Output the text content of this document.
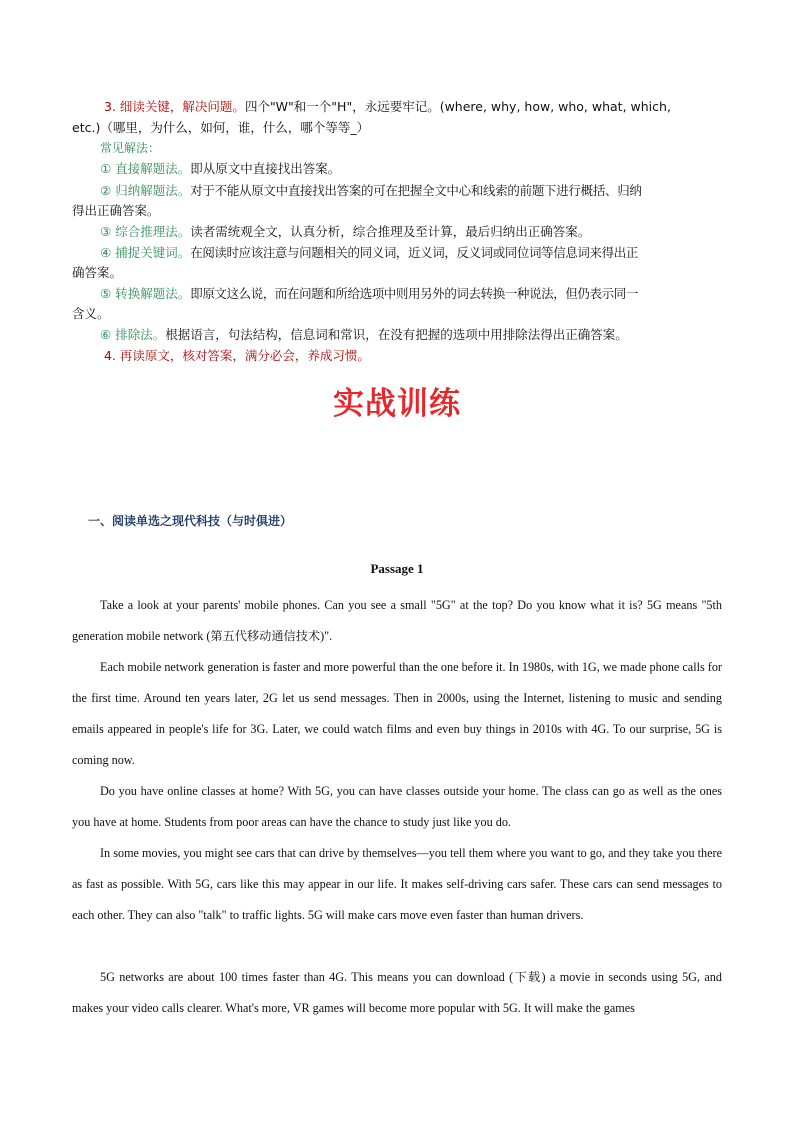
3. 细读关键，解决问题。四个"W"和一个"H"，永远要牢记。(where, why, how, who, what, which,
etc.)（哪里，为什么，如何，谁，什么，哪个等等_）
常见解法：
① 直接解题法。即从原文中直接找出答案。
② 归纳解题法。对于不能从原文中直接找出答案的可在把握全文中心和线索的前题下进行概括、归纳
得出正确答案。
③ 综合推理法。读者需统观全文，认真分析，综合推理及至计算，最后归纳出正确答案。
④ 捕捉关键词。在阅读时应该注意与问题相关的同义词，近义词，反义词或同位词等信息词来得出正
确答案。
⑤ 转换解题法。即原文这么说，而在问题和所给选项中则用另外的词去转换一种说法，但仍表示同一
含义。
⑥ 排除法。根据语言，句法结构，信息词和常识，在没有把握的选项中用排除法得出正确答案。
4. 再读原文，核对答案，满分必会，养成习惯。
实战训练
一、阅读单选之现代科技（与时俱进）
Passage 1
Take a look at your parents' mobile phones. Can you see a small "5G" at the top? Do you know what it is? 5G means "5th generation mobile network (第五代移动通信技术)".
Each mobile network generation is faster and more powerful than the one before it. In 1980s, with 1G, we made phone calls for the first time. Around ten years later, 2G let us send messages. Then in 2000s, using the Internet, listening to music and sending emails appeared in people's life for 3G. Later, we could watch films and even buy things in 2010s with 4G. To our surprise, 5G is coming now.
Do you have online classes at home? With 5G, you can have classes outside your home. The class can go as well as the ones you have at home. Students from poor areas can have the chance to study just like you do.
In some movies, you might see cars that can drive by themselves—you tell them where you want to go, and they take you there as fast as possible. With 5G, cars like this may appear in our life. It makes self-driving cars safer. These cars can send messages to each other. They can also "talk" to traffic lights. 5G will make cars move even faster than human drivers.
5G networks are about 100 times faster than 4G. This means you can download (下载) a movie in seconds using 5G, and makes your video calls clearer. What's more, VR games will become more popular with 5G. It will make the games
